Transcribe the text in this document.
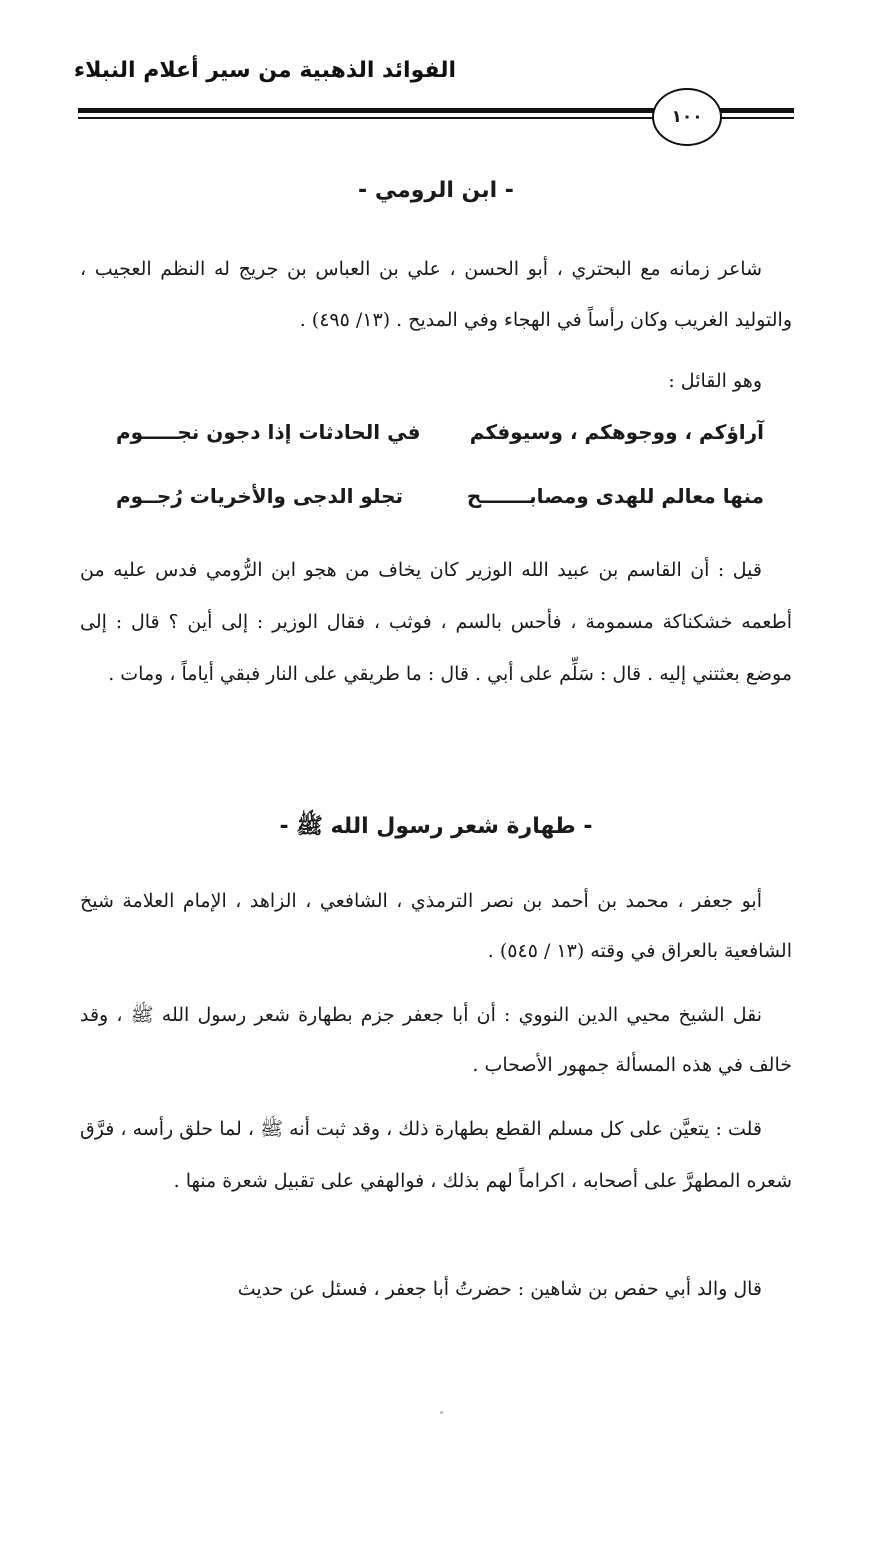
الفوائد الذهبية من سير أعلام النبلاء
١٠٠
- ابن الرومي -

شاعر زمانه مع البحتري ، أبو الحسن ، علي بن العباس بن جريج له النظم العجيب ، والتوليد الغريب وكان رأساً في الهجاء وفي المديح . (١٣/ ٤٩٥) .

وهو القائل :

آراؤكم ، ووجوهكم ، وسيوفكم
في الحادثات إذا دجون نجـــــوم
منها معالم للهدى ومصابـــــــح
تجلو الدجى والأخريات رُجــوم

قيل : أن القاسم بن عبيد الله الوزير كان يخاف من هجو ابن الرُّومي فدس عليه من أطعمه خشكناكة مسمومة ، فأحس بالسم ، فوثب ، فقال الوزير : إلى أين ؟ قال : إلى موضع بعثتني إليه . قال : سَلِّم على أبي . قال : ما طريقي على النار فبقي أياماً ، ومات .

- طهارة شعر رسول الله ﷺ -

أبو جعفر ، محمد بن أحمد بن نصر الترمذي ، الشافعي ، الزاهد ، الإمام العلامة شيخ الشافعية بالعراق في وقته (١٣ / ٥٤٥) .

نقل الشيخ محيي الدين النووي : أن أبا جعفر جزم بطهارة شعر رسول الله ﷺ ، وقد خالف في هذه المسألة جمهور الأصحاب .

قلت : يتعيَّن على كل مسلم القطع بطهارة ذلك ، وقد ثبت أنه ﷺ ، لما حلق رأسه ، فرَّق شعره المطهرَّ على أصحابه ، اكراماً لهم بذلك ، فوالهفي على تقبيل شعرة منها .

قال والد أبي حفص بن شاهين : حضرتُ أبا جعفر ، فسئل عن حديث
